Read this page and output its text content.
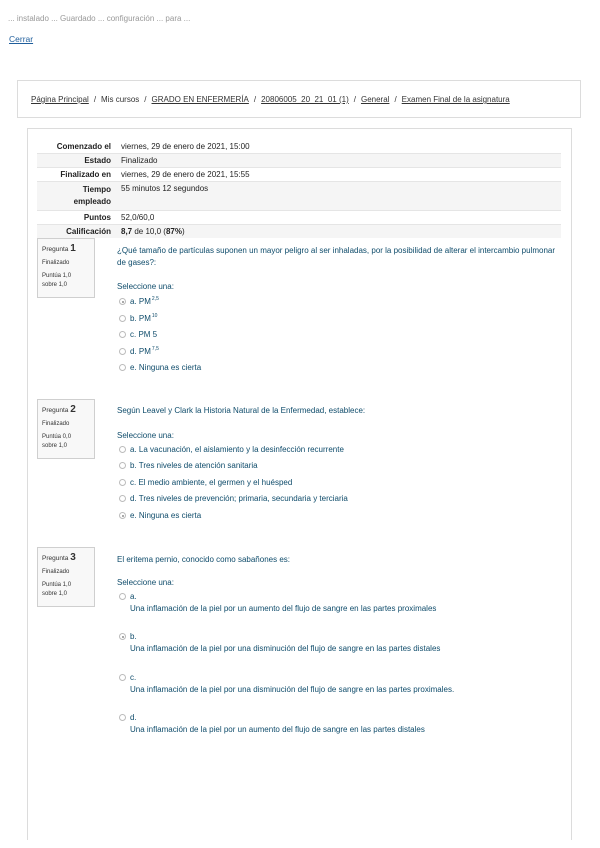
... instalado ... Guardado ... configuración ... para ...
Cerrar
Página Principal / Mis cursos / GRADO EN ENFERMERÍA / 20806005_20_21_01 (1) / General / Examen Final de la asignatura
Comenzado el	viernes, 29 de enero de 2021, 15:00
Estado	Finalizado
Finalizado en	viernes, 29 de enero de 2021, 15:55
Tiempo
empleado	55 minutos 12 segundos
Puntos	52,0/60,0
Calificación	8,7 de 10,0 (87%)
Pregunta 1
Finalizado
Puntúa 1,0
sobre 1,0
¿Qué tamaño de partículas suponen un mayor peligro al ser inhaladas, por la posibilidad de alterar el intercambio pulmonar de gases?:
Seleccione una:
a. PM$^{2,5}$
b. PM$^{10}$
c. PM 5
d. PM$^{7,5}$
e. Ninguna es cierta
Pregunta 2
Finalizado
Puntúa 0,0
sobre 1,0
Según Leavel y Clark la Historia Natural de la Enfermedad, establece:
Seleccione una:
a. La vacunación, el aislamiento y la desinfección recurrente
b. Tres niveles de atención sanitaria
c. El medio ambiente, el germen y el huésped
d. Tres niveles de prevención; primaria, secundaria y terciaria
e. Ninguna es cierta
Pregunta 3
Finalizado
Puntúa 1,0
sobre 1,0
El eritema pernio, conocido como sabañones es:
Seleccione una:
a.
Una inflamación de la piel por un aumento del flujo de sangre en las partes proximales
b.
Una inflamación de la piel por una disminución del flujo de sangre en las partes distales
c.
Una inflamación de la piel por una disminución del flujo de sangre en las partes proximales.
d.
Una inflamación de la piel por un aumento del flujo de sangre en las partes distales
